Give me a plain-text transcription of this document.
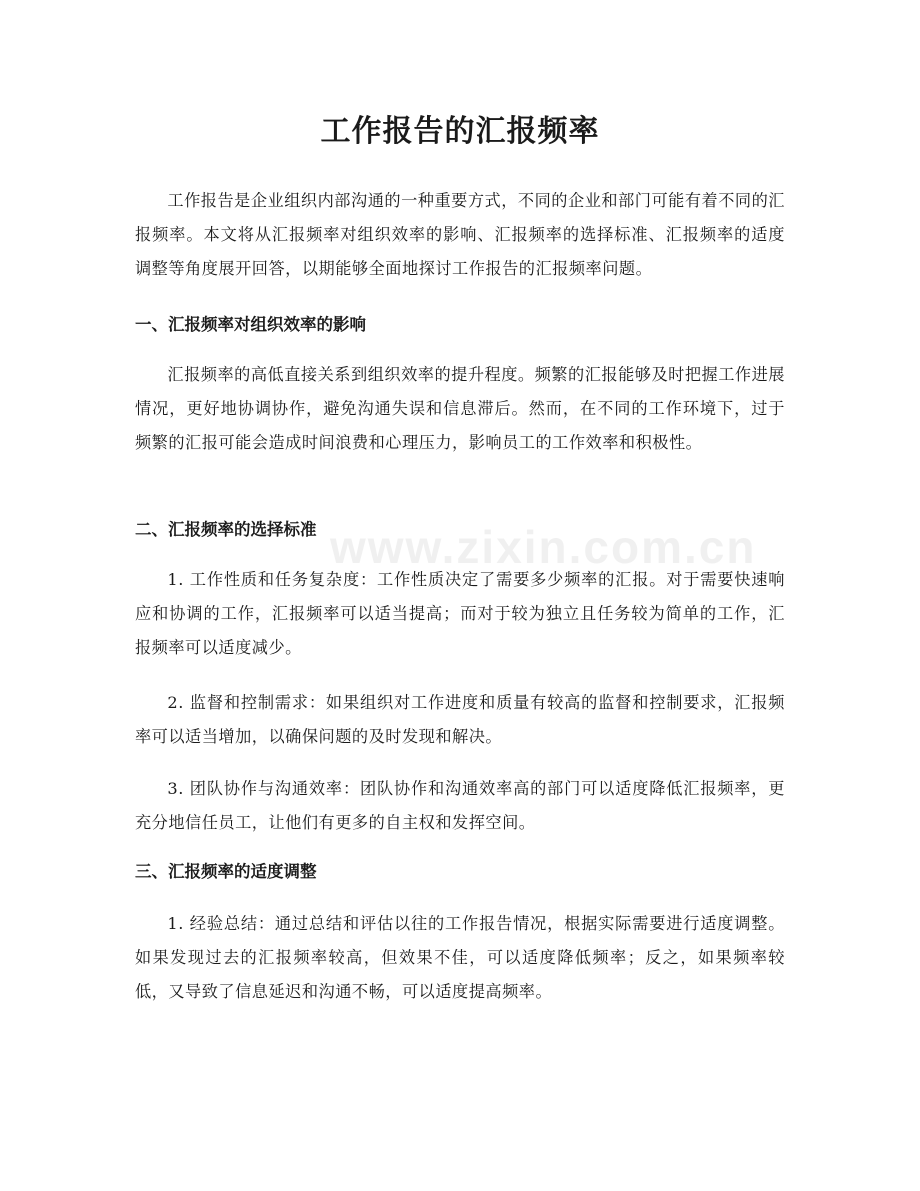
工作报告的汇报频率

工作报告是企业组织内部沟通的一种重要方式，不同的企业和部门可能有着不同的汇报频率。本文将从汇报频率对组织效率的影响、汇报频率的选择标准、汇报频率的适度调整等角度展开回答，以期能够全面地探讨工作报告的汇报频率问题。

一、汇报频率对组织效率的影响

汇报频率的高低直接关系到组织效率的提升程度。频繁的汇报能够及时把握工作进展情况，更好地协调协作，避免沟通失误和信息滞后。然而，在不同的工作环境下，过于频繁的汇报可能会造成时间浪费和心理压力，影响员工的工作效率和积极性。

二、汇报频率的选择标准

1. 工作性质和任务复杂度：工作性质决定了需要多少频率的汇报。对于需要快速响应和协调的工作，汇报频率可以适当提高；而对于较为独立且任务较为简单的工作，汇报频率可以适度减少。

2. 监督和控制需求：如果组织对工作进度和质量有较高的监督和控制要求，汇报频率可以适当增加，以确保问题的及时发现和解决。

3. 团队协作与沟通效率：团队协作和沟通效率高的部门可以适度降低汇报频率，更充分地信任员工，让他们有更多的自主权和发挥空间。

三、汇报频率的适度调整

1. 经验总结：通过总结和评估以往的工作报告情况，根据实际需要进行适度调整。如果发现过去的汇报频率较高，但效果不佳，可以适度降低频率；反之，如果频率较低，又导致了信息延迟和沟通不畅，可以适度提高频率。

www.zixin.com.cn
